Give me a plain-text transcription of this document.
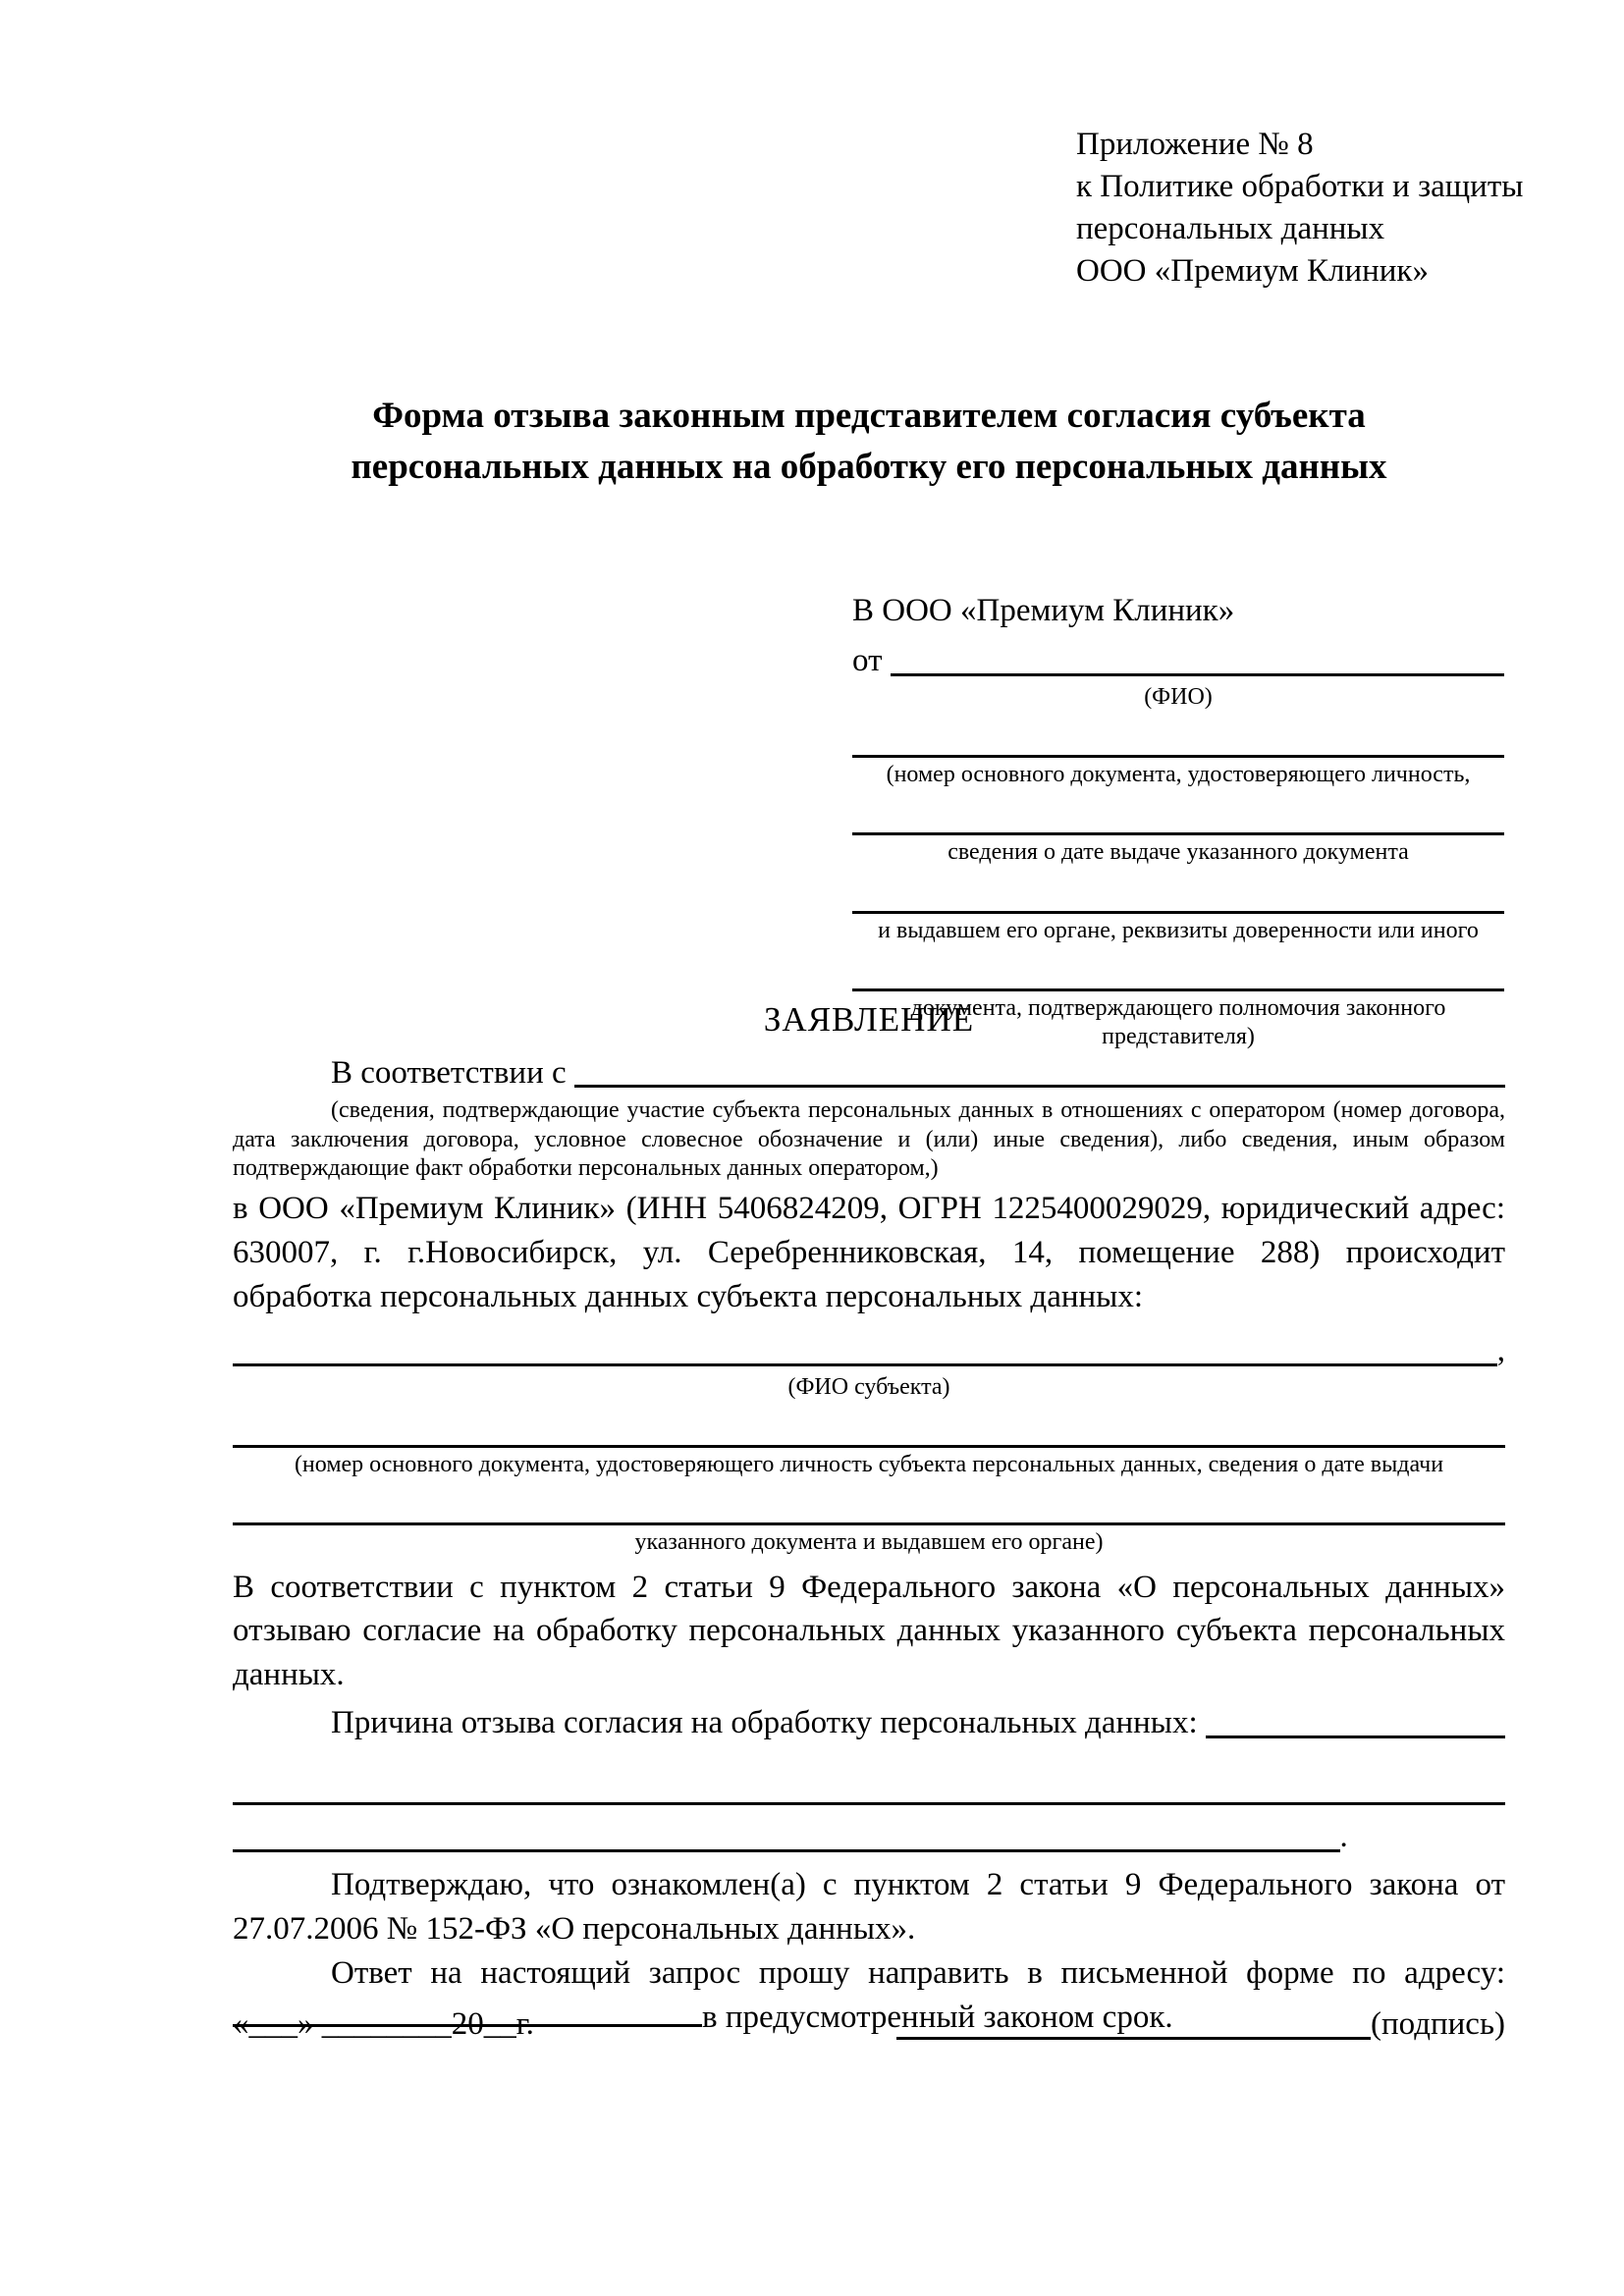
Приложение № 8
к Политике обработки и защиты
персональных данных
ООО «Премиум Клиник»
Форма отзыва законным представителем согласия субъекта
персональных данных на обработку его персональных данных
В ООО «Премиум Клиник»
от
(ФИО)
(номер основного документа, удостоверяющего личность,
сведения о дате выдаче указанного документа
и выдавшем его органе, реквизиты доверенности или иного
документа, подтверждающего полномочия законного представителя)
ЗАЯВЛЕНИЕ
В соответствии с
(сведения, подтверждающие участие субъекта персональных данных в отношениях с оператором (номер договора, дата заключения договора, условное словесное обозначение и (или) иные сведения), либо сведения, иным образом подтверждающие факт обработки персональных данных оператором,)

в ООО «Премиум Клиник» (ИНН 5406824209, ОГРН 1225400029029, юридический адрес: 630007, г. г.Новосибирск, ул. Серебренниковская, 14, помещение 288) происходит обработка персональных данных субъекта персональных данных:

,
(ФИО субъекта)
(номер основного документа, удостоверяющего личность субъекта персональных данных, сведения о дате выдачи
указанного документа и выдавшем его органе)

В соответствии с пунктом 2 статьи 9 Федерального закона «О персональных данных» отзываю согласие на обработку персональных данных указанного субъекта персональных данных.

Причина отзыва согласия на обработку персональных данных:
.

Подтверждаю, что ознакомлен(а) с пунктом 2 статьи 9 Федерального закона от 27.07.2006 № 152-ФЗ «О персональных данных».

Ответ на настоящий запрос прошу направить в письменной форме по адресу: в предусмотренный законом срок.

«___» ________20__г.	(подпись)
